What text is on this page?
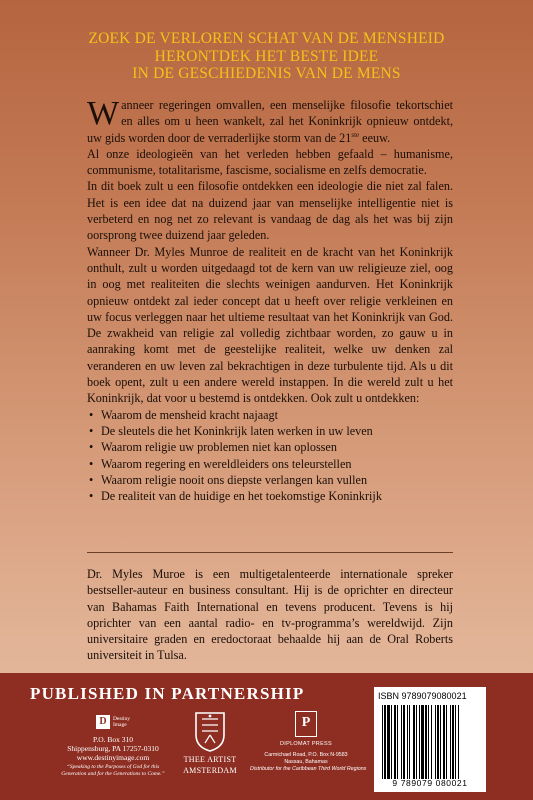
ZOEK DE VERLOREN SCHAT VAN DE MENSHEID
HERONTDEK HET BESTE IDEE
IN DE GESCHIEDENIS VAN DE MENS

Wanneer regeringen omvallen, een menselijke filosofie tekortschiet en alles om u heen wankelt, zal het Koninkrijk opnieuw ontdekt, uw gids worden door de verraderlijke storm van de 21ste eeuw.

Al onze ideologieën van het verleden hebben gefaald – humanisme, communisme, totalitarisme, fascisme, socialisme en zelfs democratie.

In dit boek zult u een filosofie ontdekken een ideologie die niet zal falen. Het is een idee dat na duizend jaar van menselijke intelligentie niet is verbeterd en nog net zo relevant is vandaag de dag als het was bij zijn oorsprong twee duizend jaar geleden.

Wanneer Dr. Myles Munroe de realiteit en de kracht van het Koninkrijk onthult, zult u worden uitgedaagd tot de kern van uw religieuze ziel, oog in oog met realiteiten die slechts weinigen aandurven. Het Koninkrijk opnieuw ontdekt zal ieder concept dat u heeft over religie verkleinen en uw focus verleggen naar het ultieme resultaat van het Koninkrijk van God. De zwakheid van religie zal volledig zichtbaar worden, zo gauw u in aanraking komt met de geestelijke realiteit, welke uw denken zal veranderen en uw leven zal bekrachtigen in deze turbulente tijd. Als u dit boek opent, zult u een andere wereld instappen. In die wereld zult u het Koninkrijk, dat voor u bestemd is ontdekken. Ook zult u ontdekken:

• Waarom de mensheid kracht najaagt
• De sleutels die het Koninkrijk laten werken in uw leven
• Waarom religie uw problemen niet kan oplossen
• Waarom regering en wereldleiders ons teleurstellen
• Waarom religie nooit ons diepste verlangen kan vullen
• De realiteit van de huidige en het toekomstige Koninkrijk

Dr. Myles Muroe is een multigetalenteerde internationale spreker bestseller-auteur en business consultant. Hij is de oprichter en directeur van Bahamas Faith International en tevens producent. Tevens is hij oprichter van een aantal radio- en tv-programma’s wereldwijd. Zijn universitaire graden en eredoctoraat behaalde hij aan de Oral Roberts universiteit in Tulsa.

PUBLISHED IN PARTNERSHIP
D	Destiny
Image
P.O. Box 310
Shippensburg, PA 17257-0310
www.destinyimage.com
“Speaking to the Purposes of God for this Generation and for the Generations to Come.”
THEE ARTIST
AMSTERDAM
P
DIPLOMAT PRESS
Carmichael Road, P.O. Box N-9583
Nassau, Bahamas
Distributor for the Caribbean Third World Regions
ISBN 9789079080021
9 789079 080021
